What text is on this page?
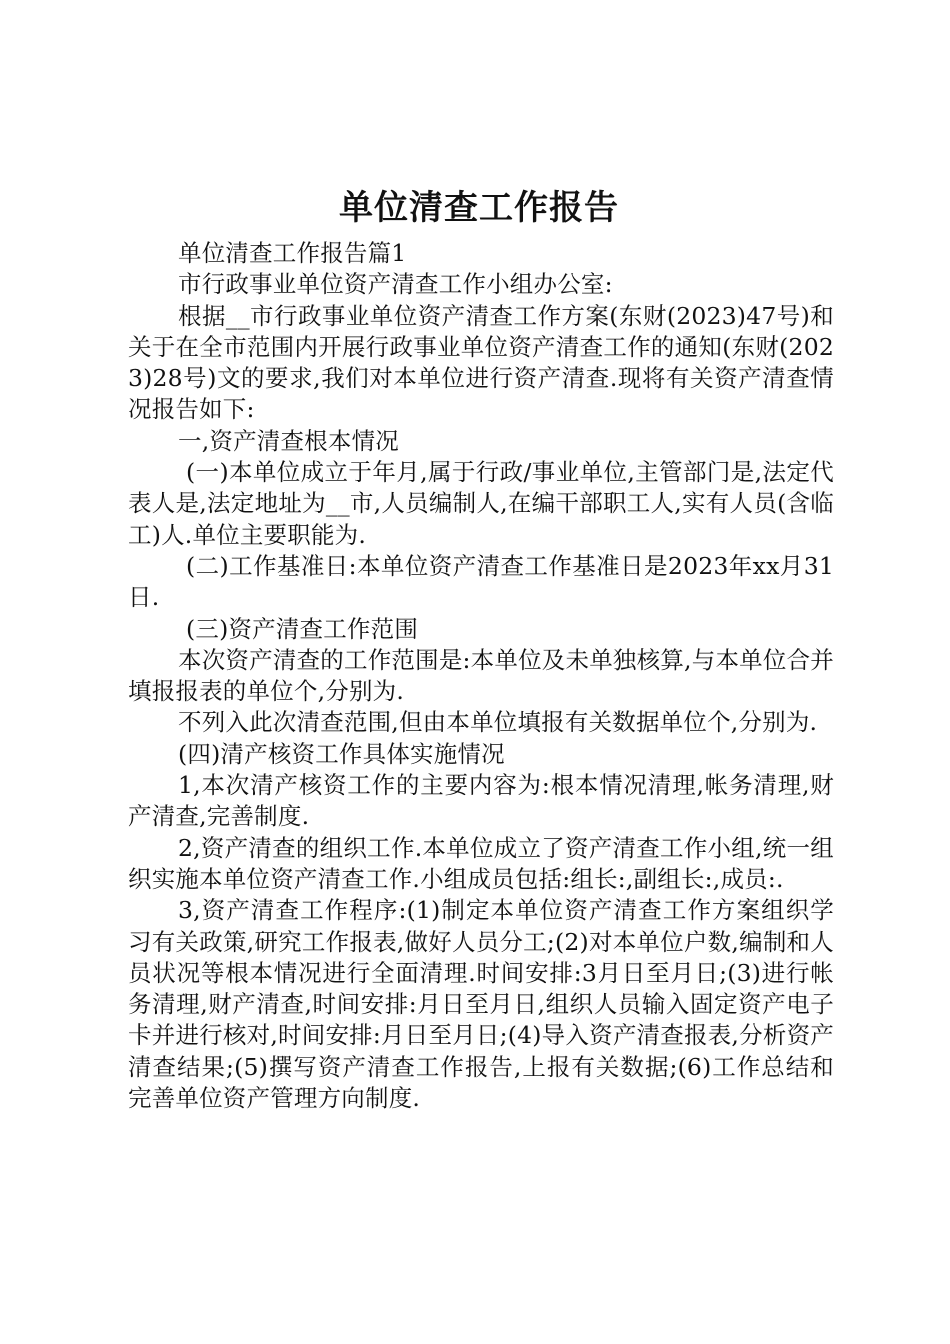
单位清查工作报告

单位清查工作报告篇1

市行政事业单位资产清查工作小组办公室:

根据__市行政事业单位资产清查工作方案(东财(2023)47号)和关于在全市范围内开展行政事业单位资产清查工作的通知(东财(2023)28号)文的要求,我们对本单位进行资产清查.现将有关资产清查情况报告如下:

一,资产清查根本情况

(一)本单位成立于年月,属于行政/事业单位,主管部门是,法定代表人是,法定地址为__市,人员编制人,在编干部职工人,实有人员(含临工)人.单位主要职能为.

(二)工作基准日:本单位资产清查工作基准日是2023年xx月31日.

(三)资产清查工作范围

本次资产清查的工作范围是:本单位及未单独核算,与本单位合并填报报表的单位个,分别为.

不列入此次清查范围,但由本单位填报有关数据单位个,分别为.

(四)清产核资工作具体实施情况

1,本次清产核资工作的主要内容为:根本情况清理,帐务清理,财产清查,完善制度.

2,资产清查的组织工作.本单位成立了资产清查工作小组,统一组织实施本单位资产清查工作.小组成员包括:组长:,副组长:,成员:.

3,资产清查工作程序:(1)制定本单位资产清查工作方案组织学习有关政策,研究工作报表,做好人员分工;(2)对本单位户数,编制和人员状况等根本情况进行全面清理.时间安排:3月日至月日;(3)进行帐务清理,财产清查,时间安排:月日至月日,组织人员输入固定资产电子卡并进行核对,时间安排:月日至月日;(4)导入资产清查报表,分析资产清查结果;(5)撰写资产清查工作报告,上报有关数据;(6)工作总结和完善单位资产管理方向制度.
